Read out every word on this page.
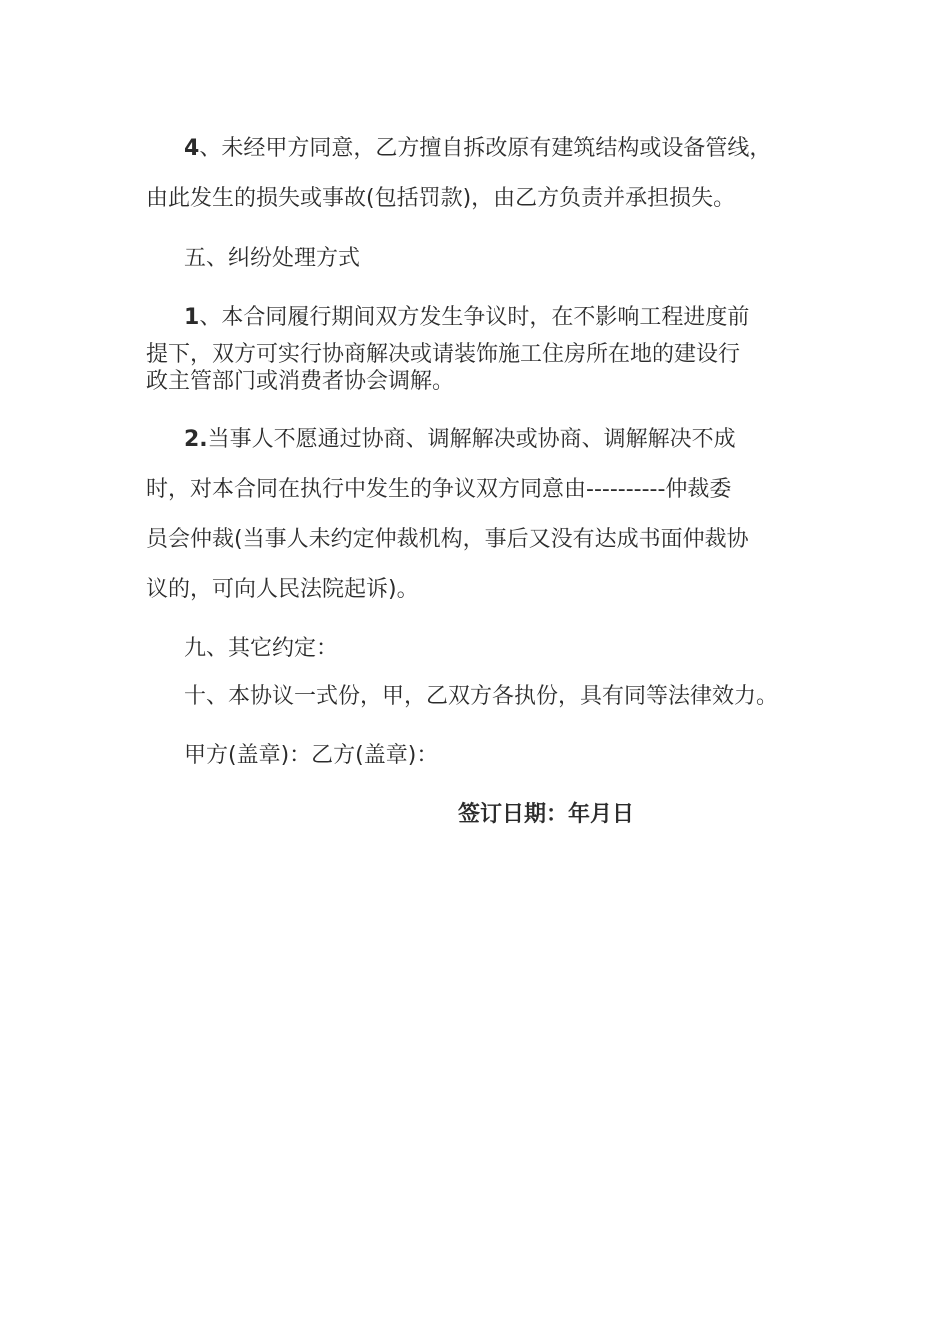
4、未经甲方同意，乙方擅自拆改原有建筑结构或设备管线，
由此发生的损失或事故(包括罚款)，由乙方负责并承担损失。
五、纠纷处理方式
1、本合同履行期间双方发生争议时，在不影响工程进度前
提下，双方可实行协商解决或请装饰施工住房所在地的建设行
政主管部门或消费者协会调解。
2.当事人不愿通过协商、调解解决或协商、调解解决不成
时，对本合同在执行中发生的争议双方同意由----------仲裁委
员会仲裁(当事人未约定仲裁机构，事后又没有达成书面仲裁协
议的，可向人民法院起诉)。
九、其它约定：
十、本协议一式份，甲，乙双方各执份，具有同等法律效力。
甲方(盖章)：乙方(盖章)：
签订日期：年月日
